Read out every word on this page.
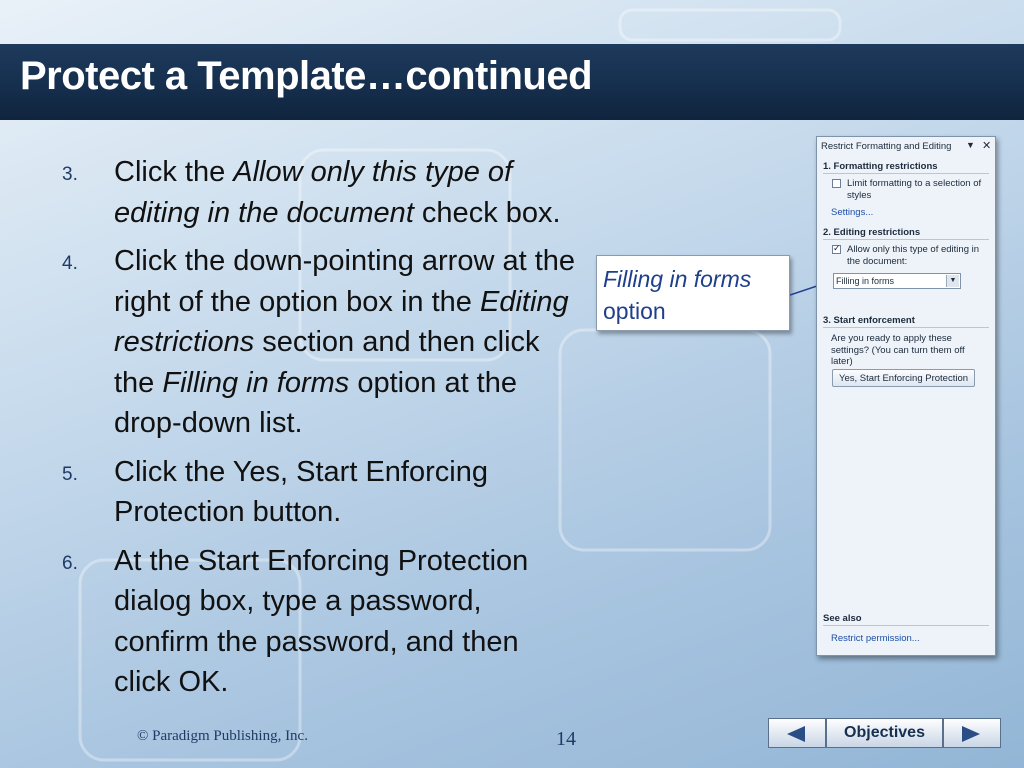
Protect a Template…continued
3. Click the Allow only this type of editing in the document check box.
4. Click the down-pointing arrow at the right of the option box in the Editing restrictions section and then click the Filling in forms option at the drop-down list.
5. Click the Yes, Start Enforcing Protection button.
6. At the Start Enforcing Protection dialog box, type a password, confirm the password, and then click OK.
Filling in forms
option
Restrict Formatting and Editing ▼ ✕
1. Formatting restrictions
Limit formatting to a selection of styles
Settings...
2. Editing restrictions
✓
Allow only this type of editing in the document:
Filling in forms	▼
3. Start enforcement
Are you ready to apply these settings? (You can turn them off later)
Yes, Start Enforcing Protection
See also
Restrict permission...
© Paradigm Publishing, Inc.	14	Objectives
